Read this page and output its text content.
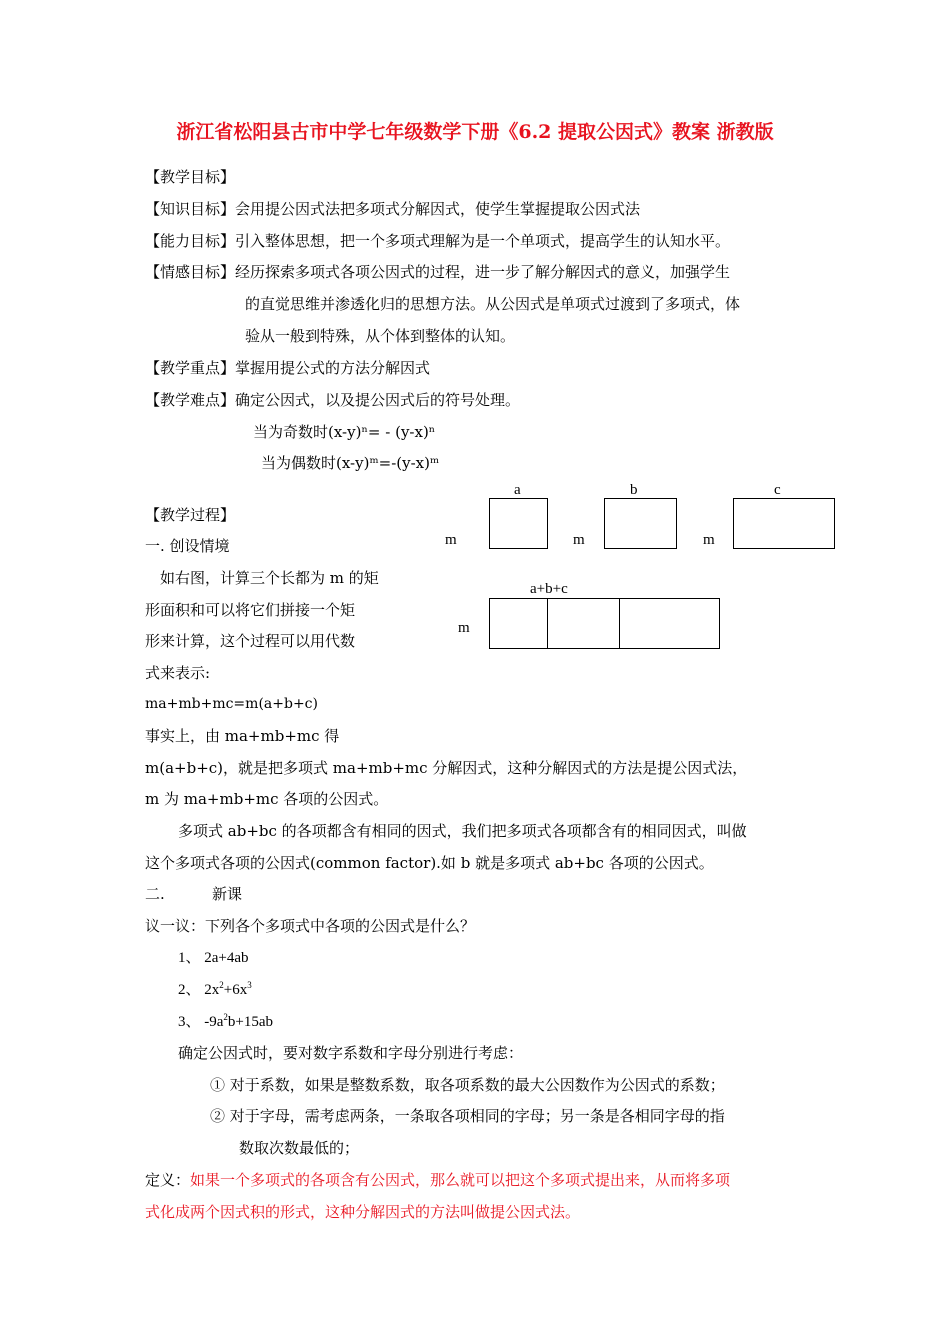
浙江省松阳县古市中学七年级数学下册《6.2 提取公因式》教案 浙教版
【教学目标】
【知识目标】会用提公因式法把多项式分解因式，使学生掌握提取公因式法
【能力目标】引入整体思想，把一个多项式理解为是一个单项式，提高学生的认知水平。
【情感目标】经历探索多项式各项公因式的过程，进一步了解分解因式的意义，加强学生
的直觉思维并渗透化归的思想方法。从公因式是单项式过渡到了多项式，体
验从一般到特殊，从个体到整体的认知。
【教学重点】掌握用提公式的方法分解因式
【教学难点】确定公因式，以及提公因式后的符号处理。
当为奇数时(x-y)ⁿ= - (y-x)ⁿ
当为偶数时(x-y)ᵐ=-(y-x)ᵐ
【教学过程】
一. 创设情境
如右图，计算三个长都为 m 的矩
形面积和可以将它们拼接一个矩
形来计算，这个过程可以用代数
式来表示:
ma+mb+mc=m(a+b+c)
事实上，由 ma+mb+mc 得
m(a+b+c)，就是把多项式 ma+mb+mc 分解因式，这种分解因式的方法是提公因式法，
m 为 ma+mb+mc 各项的公因式。
多项式 ab+bc 的各项都含有相同的因式，我们把多项式各项都含有的相同因式，叫做
这个多项式各项的公因式(common factor).如 b 就是多项式 ab+bc 各项的公因式。
a	b	c
m	m	m
a+b+c
m
二.	新课
议一议：下列各个多项式中各项的公因式是什么？
1、 2a+4ab
2、 $2x^2+6x^3$
3、 $-9a^2b+15ab$
确定公因式时，要对数字系数和字母分别进行考虑：
① 对于系数，如果是整数系数，取各项系数的最大公因数作为公因式的系数；
② 对于字母，需考虑两条，一条取各项相同的字母；另一条是各相同字母的指
数取次数最低的；
定义：如果一个多项式的各项含有公因式，那么就可以把这个多项式提出来，从而将多项
式化成两个因式积的形式，这种分解因式的方法叫做提公因式法。
